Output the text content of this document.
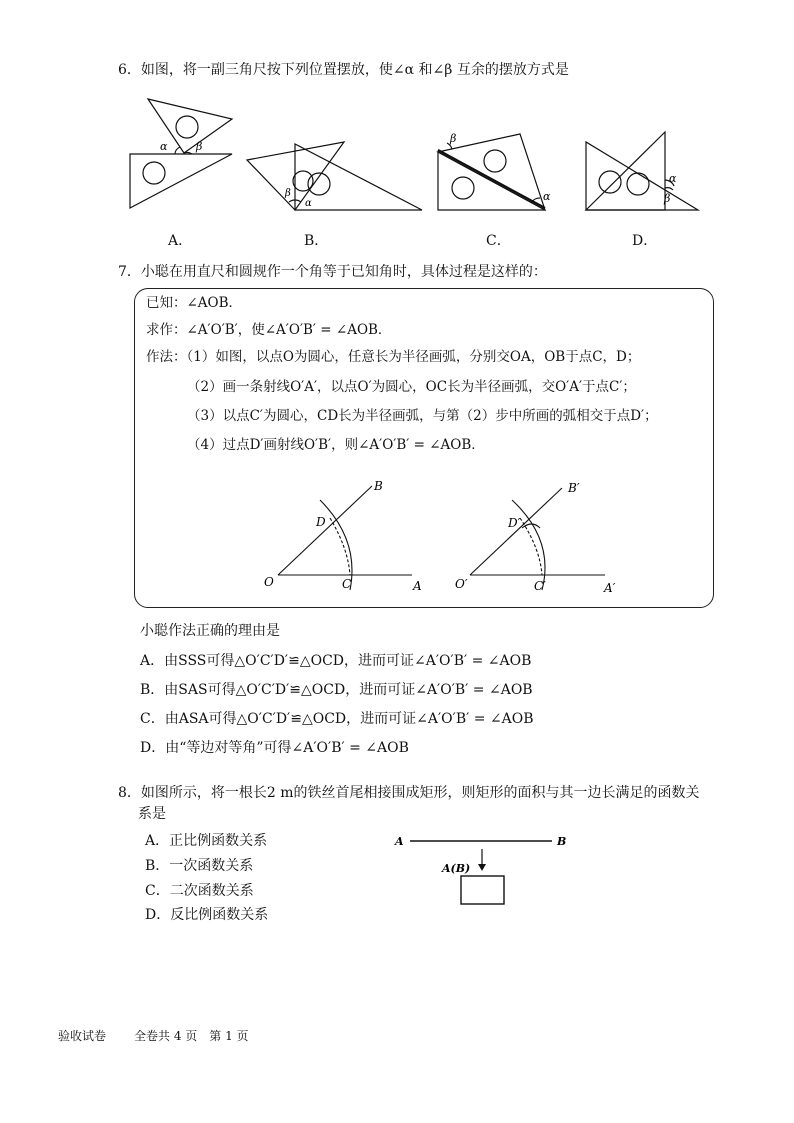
6．如图，将一副三角尺按下列位置摆放，使∠α 和∠β 互余的摆放方式是
α	β
β
α
β
α
α
β
A．	B．	C．	D．
7．小聪在用直尺和圆规作一个角等于已知角时，具体过程是这样的：
已知：∠AOB．
求作：∠A′O′B′，使∠A′O′B′ = ∠AOB．
作法：（1）如图，以点O为圆心，任意长为半径画弧，分别交OA，OB于点C，D；
（2）画一条射线O′A′，以点O′为圆心，OC长为半径画弧，交O′A′于点C′；
（3）以点C′为圆心，CD长为半径画弧，与第（2）步中所画的弧相交于点D′；
（4）过点D′画射线O′B′，则∠A′O′B′ = ∠AOB．
O	A
B
C
D
O′	A′
B′
C′
D′
小聪作法正确的理由是
A．由SSS可得△O′C′D′≌△OCD，进而可证∠A′O′B′ = ∠AOB
B．由SAS可得△O′C′D′≌△OCD，进而可证∠A′O′B′ = ∠AOB
C．由ASA可得△O′C′D′≌△OCD，进而可证∠A′O′B′ = ∠AOB
D．由“等边对等角”可得∠A′O′B′ = ∠AOB
8．如图所示，将一根长2 m的铁丝首尾相接围成矩形，则矩形的面积与其一边长满足的函数关
系是
A．正比例函数关系
B．一次函数关系
C．二次函数关系
D．反比例函数关系
A	B
A(B)
验收试卷 全卷共 4 页　第 1 页
